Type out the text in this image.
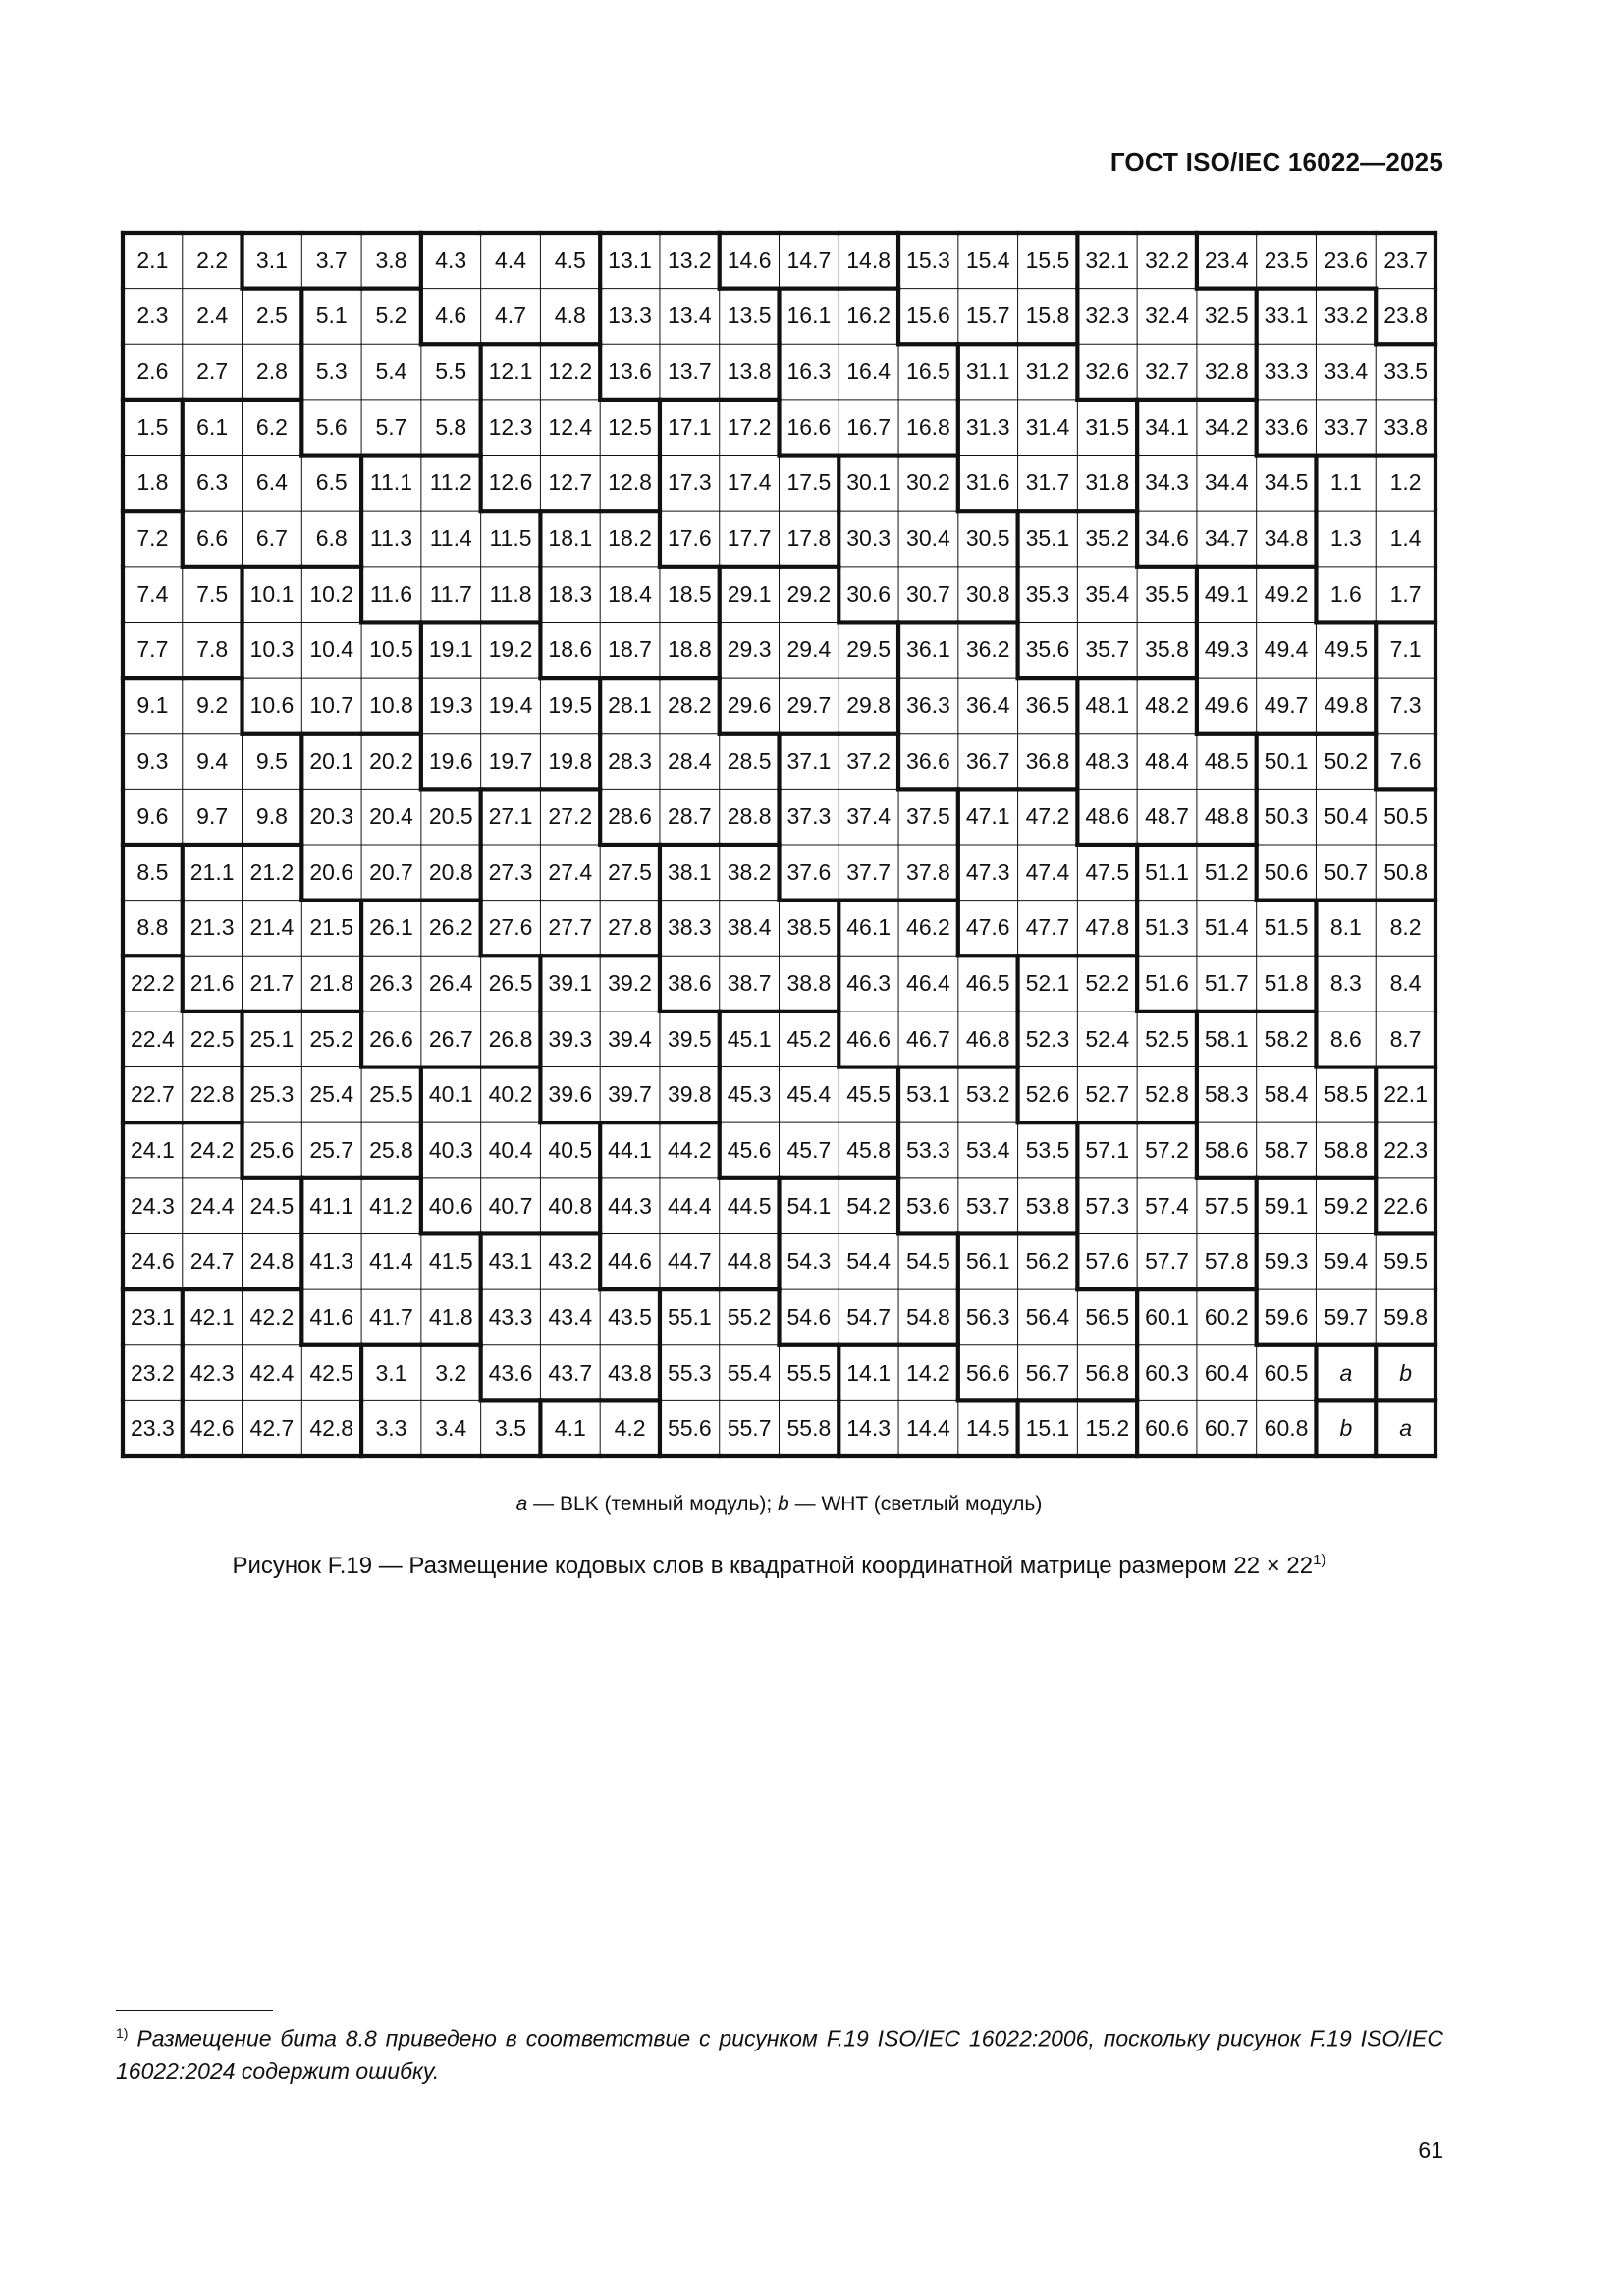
ГОСТ ISO/IEC 16022—2025
2.1	2.2	3.1	3.7	3.8	4.3	4.4	4.5 13.1 13.2 14.6 14.7 14.8 15.3 15.4 15.5 32.1 32.2 23.4 23.5 23.6 23.7
2.3	2.4	2.5	5.1	5.2	4.6	4.7	4.8 13.3 13.4 13.5 16.1 16.2 15.6 15.7 15.8 32.3 32.4 32.5 33.1 33.2 23.8
2.6	2.7	2.8	5.3	5.4	5.5 12.1 12.2 13.6 13.7 13.8 16.3 16.4 16.5 31.1 31.2 32.6 32.7 32.8 33.3 33.4 33.5
1.5	6.1	6.2	5.6	5.7	5.8 12.3 12.4 12.5 17.1 17.2 16.6 16.7 16.8 31.3 31.4 31.5 34.1 34.2 33.6 33.7 33.8
1.8	6.3	6.4	6.5	11.1 11.2 12.6 12.7 12.8 17.3 17.4 17.5 30.1 30.2 31.6 31.7 31.8 34.3 34.4 34.5 1.1	1.2
7.2	6.6	6.7	6.8	11.3 11.4 11.5 18.1 18.2 17.6 17.7 17.8 30.3 30.4 30.5 35.1 35.2 34.6 34.7 34.8 1.3	1.4
7.4	7.5 10.1 10.2 11.6 11.7 11.8 18.3 18.4 18.5 29.1 29.2 30.6 30.7 30.8 35.3 35.4 35.5 49.1 49.2 1.6	1.7
7.7	7.8 10.3 10.4 10.5 19.1 19.2 18.6 18.7 18.8 29.3 29.4 29.5 36.1 36.2 35.6 35.7 35.8 49.3 49.4 49.5 7.1
9.1	9.2 10.6 10.7 10.8 19.3 19.4 19.5 28.1 28.2 29.6 29.7 29.8 36.3 36.4 36.5 48.1 48.2 49.6 49.7 49.8 7.3
9.3	9.4	9.5 20.1 20.2 19.6 19.7 19.8 28.3 28.4 28.5 37.1 37.2 36.6 36.7 36.8 48.3 48.4 48.5 50.1 50.2 7.6
9.6	9.7	9.8 20.3 20.4 20.5 27.1 27.2 28.6 28.7 28.8 37.3 37.4 37.5 47.1 47.2 48.6 48.7 48.8 50.3 50.4 50.5
8.5 21.1 21.2 20.6 20.7 20.8 27.3 27.4 27.5 38.1 38.2 37.6 37.7 37.8 47.3 47.4 47.5 51.1 51.2 50.6 50.7 50.8
8.8 21.3 21.4 21.5 26.1 26.2 27.6 27.7 27.8 38.3 38.4 38.5 46.1 46.2 47.6 47.7 47.8 51.3 51.4 51.5 8.1	8.2
22.2 21.6 21.7 21.8 26.3 26.4 26.5 39.1 39.2 38.6 38.7 38.8 46.3 46.4 46.5 52.1 52.2 51.6 51.7 51.8 8.3	8.4
22.4 22.5 25.1 25.2 26.6 26.7 26.8 39.3 39.4 39.5 45.1 45.2 46.6 46.7 46.8 52.3 52.4 52.5 58.1 58.2 8.6	8.7
22.7 22.8 25.3 25.4 25.5 40.1 40.2 39.6 39.7 39.8 45.3 45.4 45.5 53.1 53.2 52.6 52.7 52.8 58.3 58.4 58.5 22.1
24.1 24.2 25.6 25.7 25.8 40.3 40.4 40.5 44.1 44.2 45.6 45.7 45.8 53.3 53.4 53.5 57.1 57.2 58.6 58.7 58.8 22.3
24.3 24.4 24.5 41.1 41.2 40.6 40.7 40.8 44.3 44.4 44.5 54.1 54.2 53.6 53.7 53.8 57.3 57.4 57.5 59.1 59.2 22.6
24.6 24.7 24.8 41.3 41.4 41.5 43.1 43.2 44.6 44.7 44.8 54.3 54.4 54.5 56.1 56.2 57.6 57.7 57.8 59.3 59.4 59.5
23.1 42.1 42.2 41.6 41.7 41.8 43.3 43.4 43.5 55.1 55.2 54.6 54.7 54.8 56.3 56.4 56.5 60.1 60.2 59.6 59.7 59.8
23.2 42.3 42.4 42.5 3.1	3.2 43.6 43.7 43.8 55.3 55.4 55.5 14.1 14.2 56.6 56.7 56.8 60.3 60.4 60.5	a	b
23.3 42.6 42.7 42.8 3.3	3.4	3.5	4.1	4.2 55.6 55.7 55.8 14.3 14.4 14.5 15.1 15.2 60.6 60.7 60.8	b	a
a — BLK (темный модуль); b — WHT (светлый модуль)
Рисунок F.19 — Размещение кодовых слов в квадратной координатной матрице размером $22 \times 22^{1)}$
$^{1)}$ Размещение бита 8.8 приведено в соответствие с рисунком F.19 ISO/IEC 16022:2006, поскольку рисунок F.19 ISO/IEC 16022:2024 содержит ошибку.
61
